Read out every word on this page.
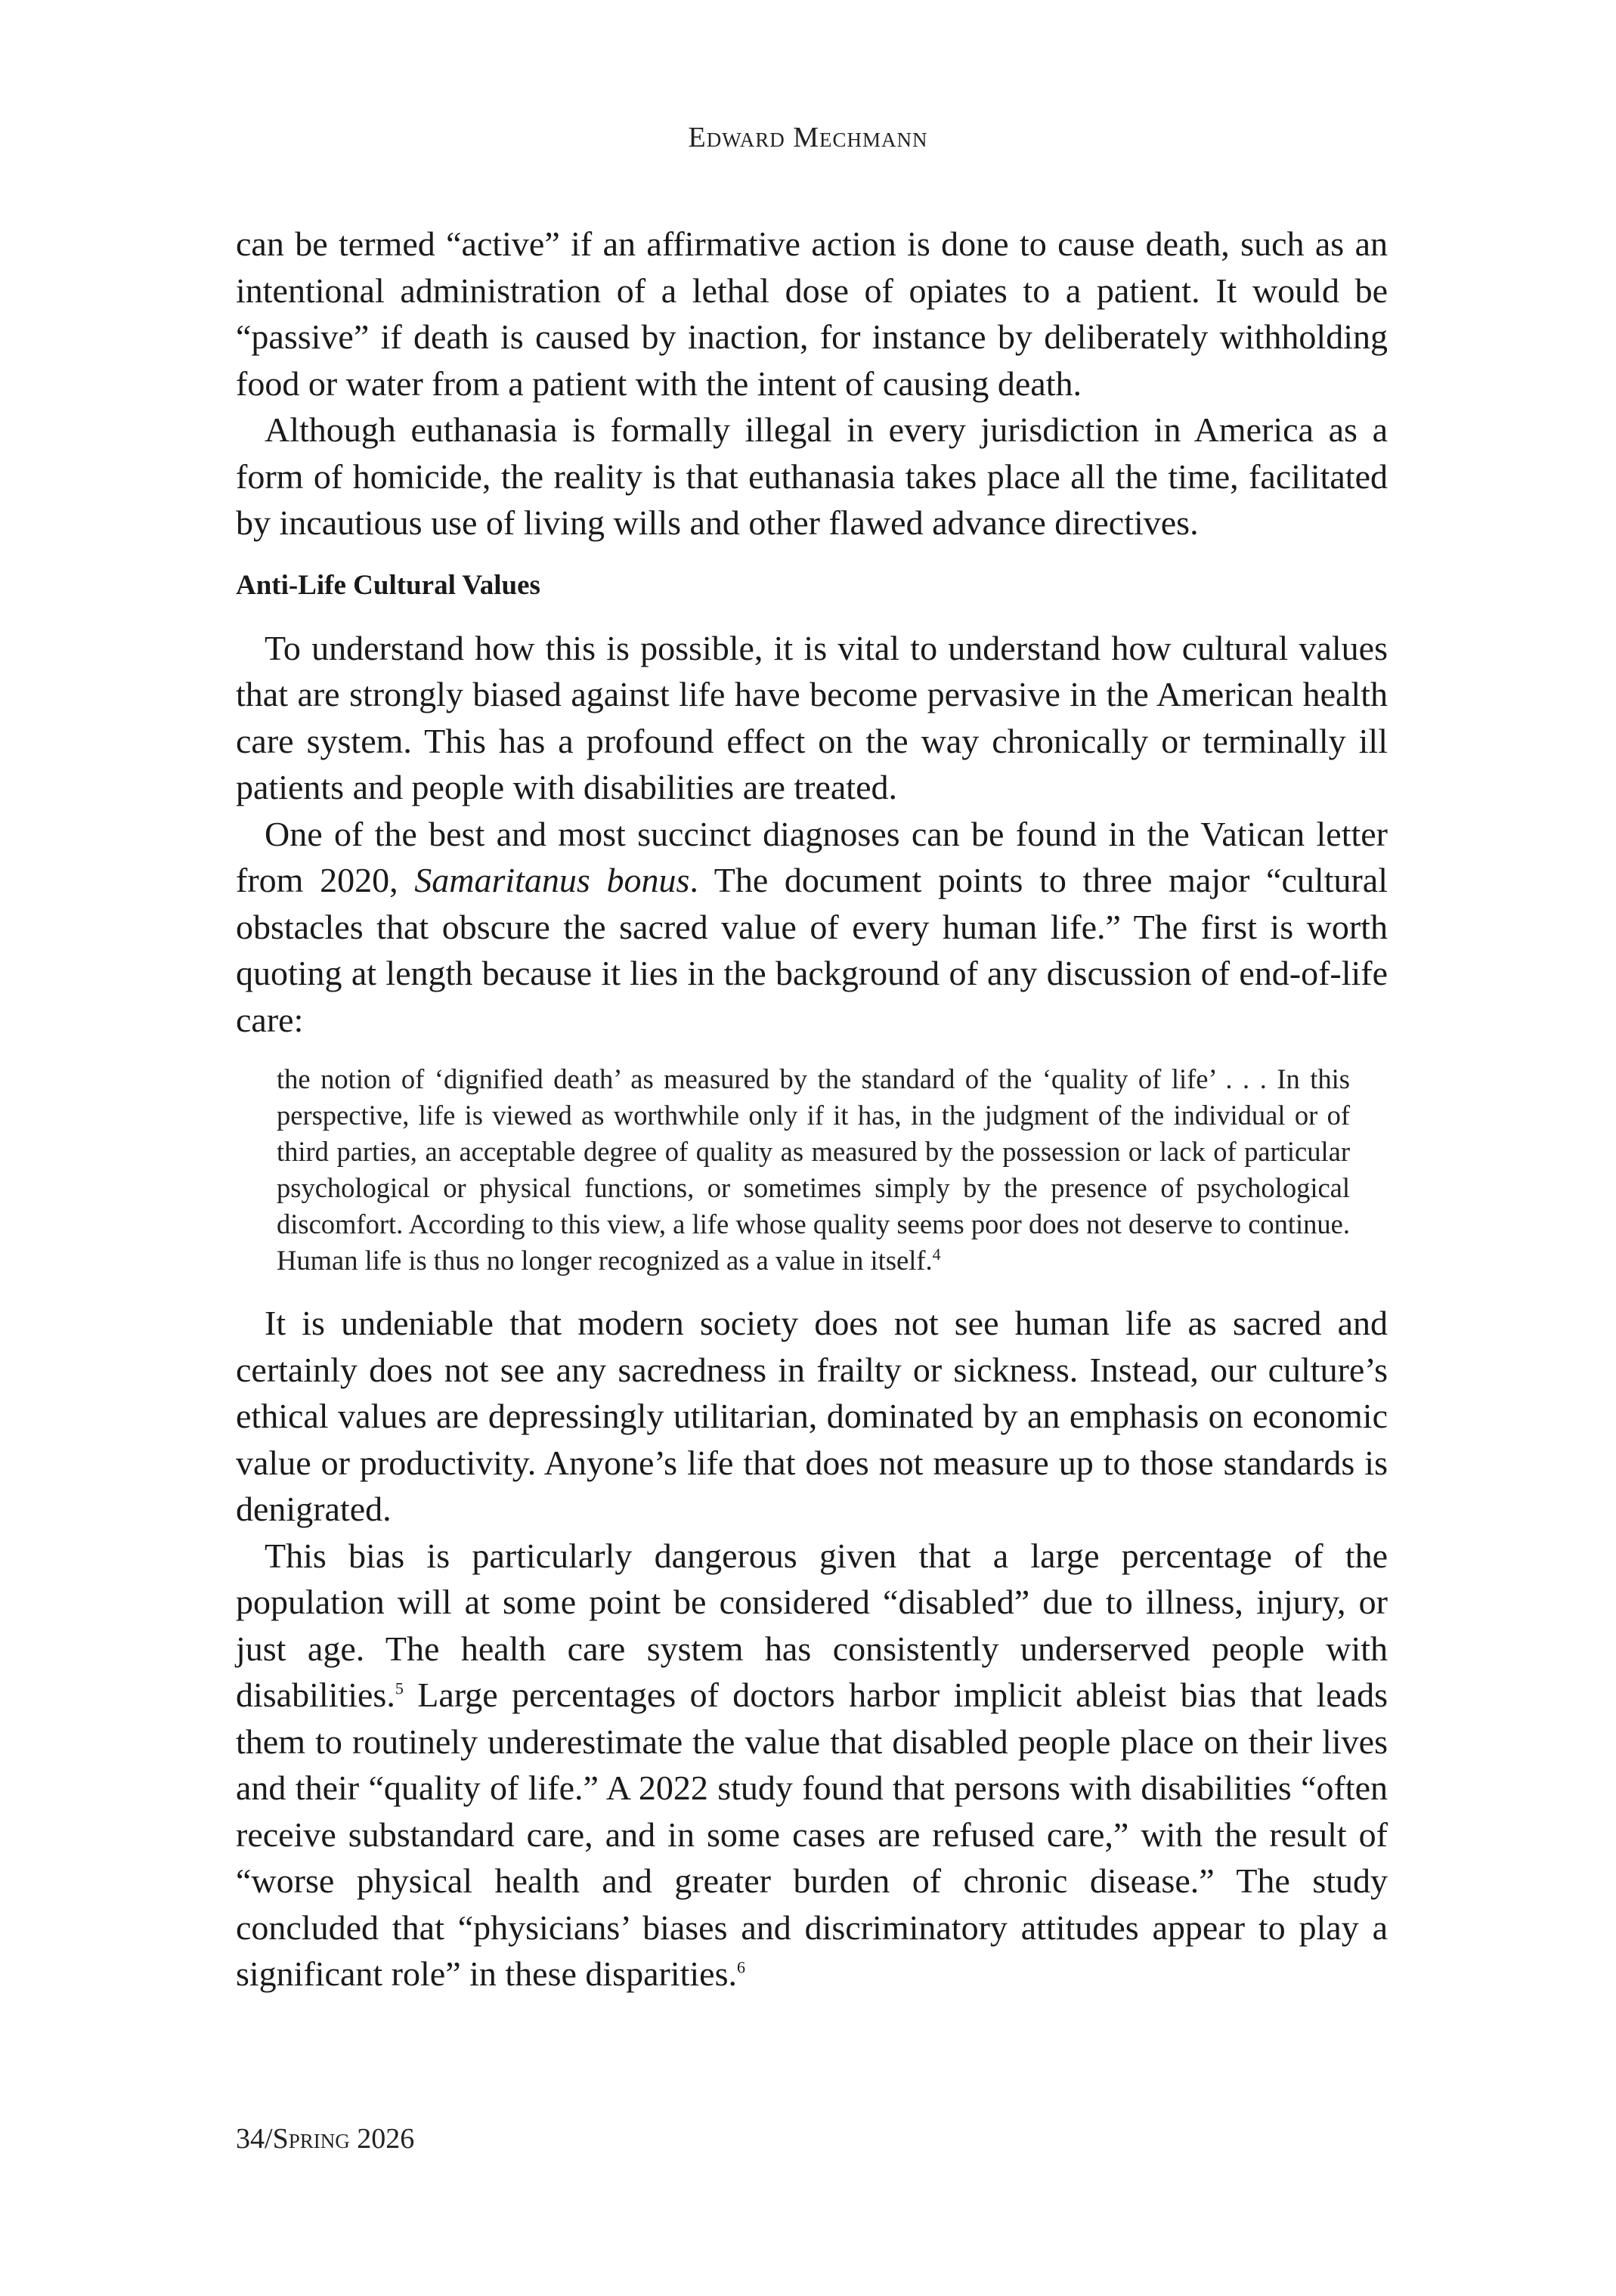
Edward Mechmann

can be termed “active” if an affirmative action is done to cause death, such as an intentional administration of a lethal dose of opiates to a patient. It would be “passive” if death is caused by inaction, for instance by deliberately withholding food or water from a patient with the intent of causing death.

Although euthanasia is formally illegal in every jurisdiction in America as a form of homicide, the reality is that euthanasia takes place all the time, facilitated by incautious use of living wills and other flawed advance directives.

Anti-Life Cultural Values

To understand how this is possible, it is vital to understand how cultural values that are strongly biased against life have become pervasive in the American health care system. This has a profound effect on the way chronically or terminally ill patients and people with disabilities are treated.

One of the best and most succinct diagnoses can be found in the Vatican letter from 2020, Samaritanus bonus. The document points to three major “cultural obstacles that obscure the sacred value of every human life.” The first is worth quoting at length because it lies in the background of any discussion of end-of-life care:

the notion of ‘dignified death’ as measured by the standard of the ‘quality of life’ . . . In this perspective, life is viewed as worthwhile only if it has, in the judgment of the individual or of third parties, an acceptable degree of quality as measured by the possession or lack of particular psychological or physical functions, or sometimes simply by the presence of psychological discomfort. According to this view, a life whose quality seems poor does not deserve to continue. Human life is thus no longer recognized as a value in itself.$^4$

It is undeniable that modern society does not see human life as sacred and certainly does not see any sacredness in frailty or sickness. Instead, our culture’s ethical values are depressingly utilitarian, dominated by an emphasis on economic value or productivity. Anyone’s life that does not measure up to those standards is denigrated.

This bias is particularly dangerous given that a large percentage of the population will at some point be considered “disabled” due to illness, injury, or just age. The health care system has consistently underserved people with disabilities.$^5$ Large percentages of doctors harbor implicit ableist bias that leads them to routinely underestimate the value that disabled people place on their lives and their “quality of life.” A 2022 study found that persons with disabilities “often receive substandard care, and in some cases are refused care,” with the result of “worse physical health and greater burden of chronic disease.” The study concluded that “physicians’ biases and discriminatory attitudes appear to play a significant role” in these disparities.$^6$

34/Spring 2026
